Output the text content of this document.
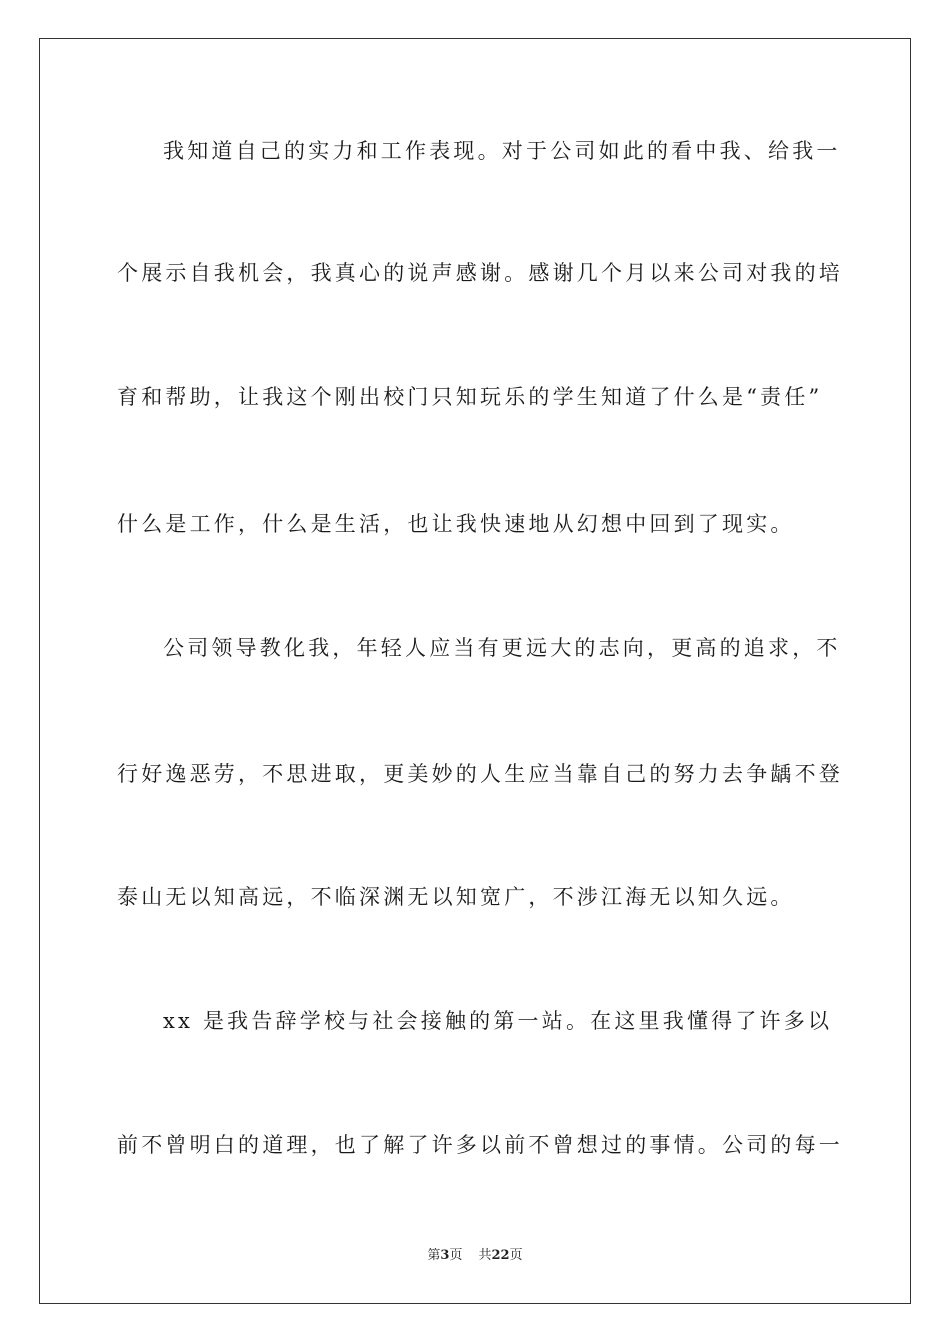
我知道自己的实力和工作表现。对于公司如此的看中我、给我一
个展示自我机会，我真心的说声感谢。感谢几个月以来公司对我的培
育和帮助，让我这个刚出校门只知玩乐的学生知道了什么是“责任”
什么是工作，什么是生活，也让我快速地从幻想中回到了现实。
公司领导教化我，年轻人应当有更远大的志向，更高的追求，不
行好逸恶劳，不思进取，更美妙的人生应当靠自己的努力去争龋不登
泰山无以知高远，不临深渊无以知宽广，不涉江海无以知久远。
xx 是我告辞学校与社会接触的第一站。在这里我懂得了许多以
前不曾明白的道理，也了解了许多以前不曾想过的事情。公司的每一
第3页 共22页
